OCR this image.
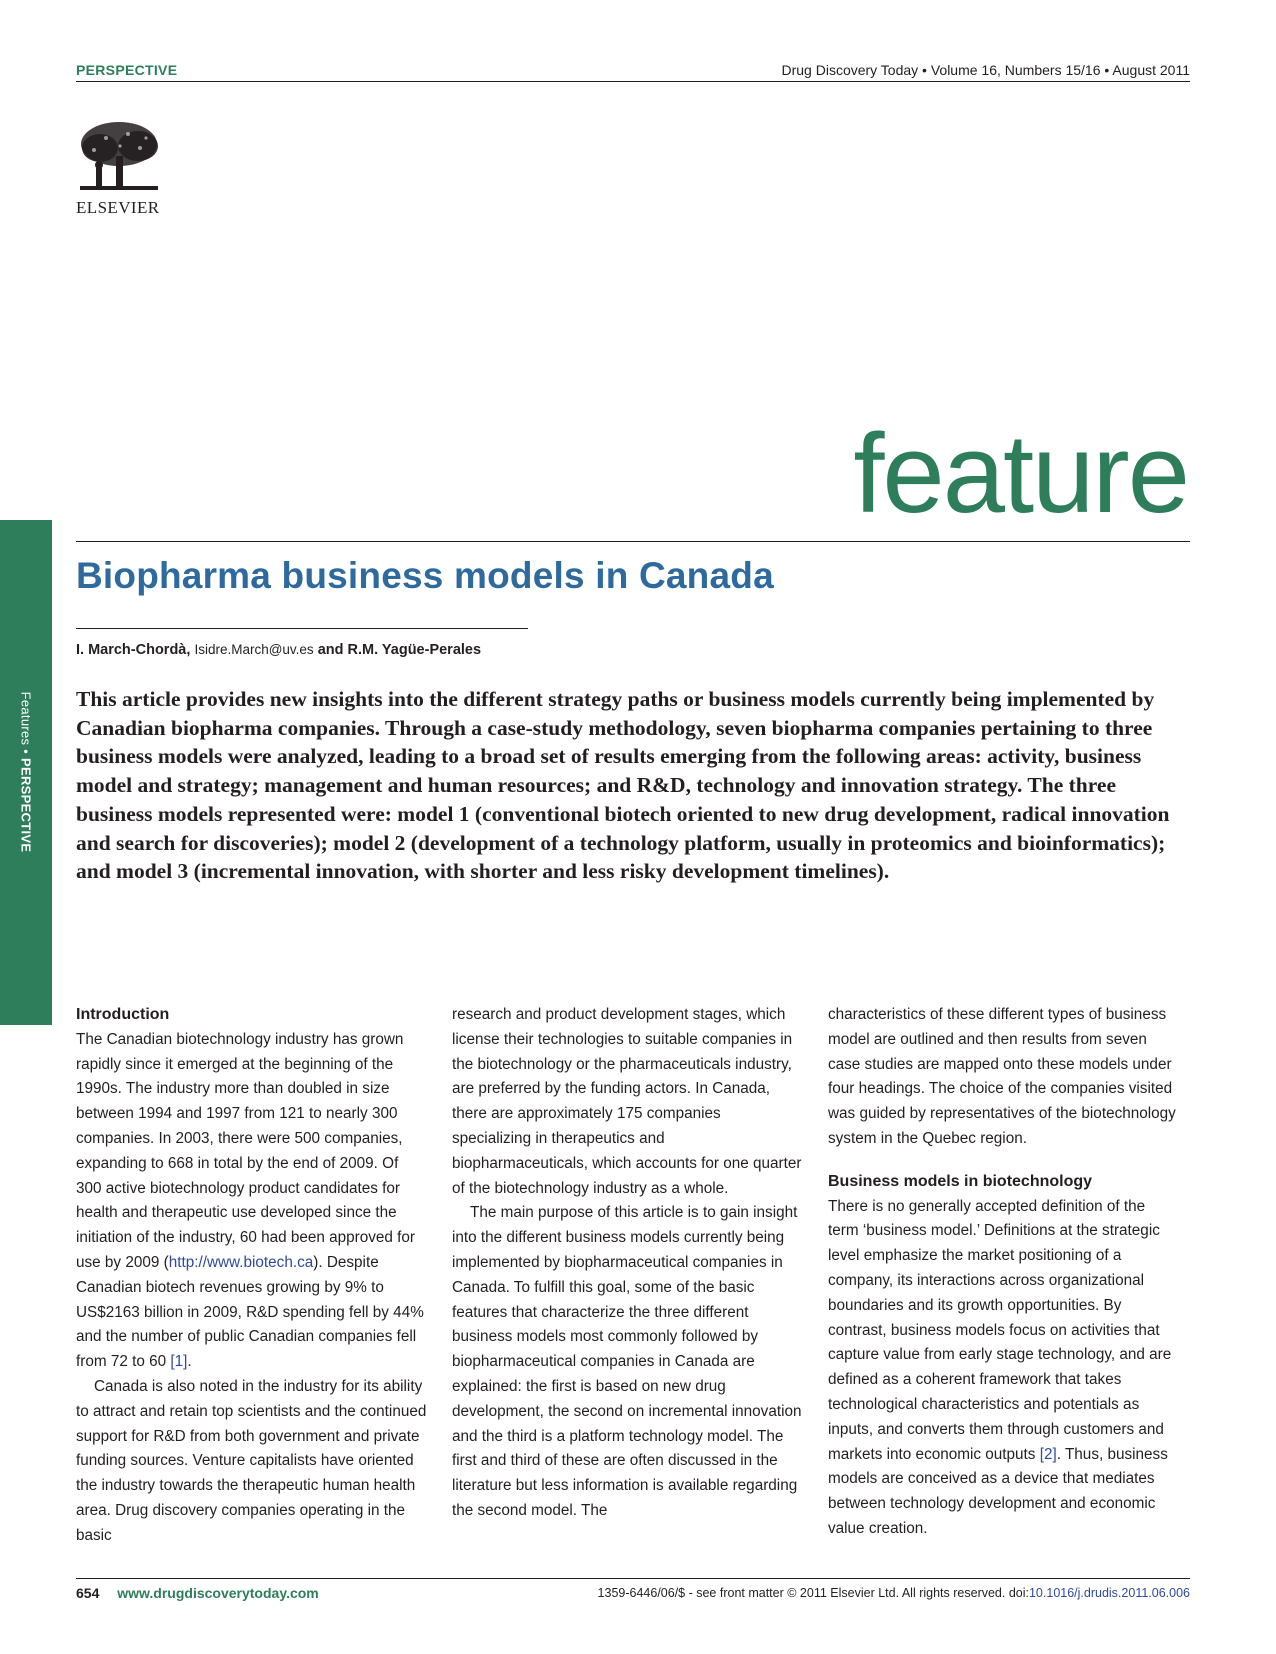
PERSPECTIVE	Drug Discovery Today • Volume 16, Numbers 15/16 • August 2011
ELSEVIER
feature
Biopharma business models in Canada
I. March-Chordà, Isidre.March@uv.es and R.M. Yagüe-Perales
This article provides new insights into the different strategy paths or business models currently being implemented by Canadian biopharma companies. Through a case-study methodology, seven biopharma companies pertaining to three business models were analyzed, leading to a broad set of results emerging from the following areas: activity, business model and strategy; management and human resources; and R&D, technology and innovation strategy. The three business models represented were: model 1 (conventional biotech oriented to new drug development, radical innovation and search for discoveries); model 2 (development of a technology platform, usually in proteomics and bioinformatics); and model 3 (incremental innovation, with shorter and less risky development timelines).
Features • PERSPECTIVE
Introduction

The Canadian biotechnology industry has grown rapidly since it emerged at the beginning of the 1990s. The industry more than doubled in size between 1994 and 1997 from 121 to nearly 300 companies. In 2003, there were 500 companies, expanding to 668 in total by the end of 2009. Of 300 active biotechnology product candidates for health and therapeutic use developed since the initiation of the industry, 60 had been approved for use by 2009 (http://www.biotech.ca). Despite Canadian biotech revenues growing by 9% to US$2163 billion in 2009, R&D spending fell by 44% and the number of public Canadian companies fell from 72 to 60 [1].

Canada is also noted in the industry for its ability to attract and retain top scientists and the continued support for R&D from both government and private funding sources. Venture capitalists have oriented the industry towards the therapeutic human health area. Drug discovery companies operating in the basic

research and product development stages, which license their technologies to suitable companies in the biotechnology or the pharmaceuticals industry, are preferred by the funding actors. In Canada, there are approximately 175 companies specializing in therapeutics and biopharmaceuticals, which accounts for one quarter of the biotechnology industry as a whole.

The main purpose of this article is to gain insight into the different business models currently being implemented by biopharmaceutical companies in Canada. To fulfill this goal, some of the basic features that characterize the three different business models most commonly followed by biopharmaceutical companies in Canada are explained: the first is based on new drug development, the second on incremental innovation and the third is a platform technology model. The first and third of these are often discussed in the literature but less information is available regarding the second model. The

characteristics of these different types of business model are outlined and then results from seven case studies are mapped onto these models under four headings. The choice of the companies visited was guided by representatives of the biotechnology system in the Quebec region.

Business models in biotechnology

There is no generally accepted definition of the term ‘business model.’ Definitions at the strategic level emphasize the market positioning of a company, its interactions across organizational boundaries and its growth opportunities. By contrast, business models focus on activities that capture value from early stage technology, and are defined as a coherent framework that takes technological characteristics and potentials as inputs, and converts them through customers and markets into economic outputs [2]. Thus, business models are conceived as a device that mediates between technology development and economic value creation.

654 www.drugdiscoverytoday.com	1359-6446/06/$ - see front matter © 2011 Elsevier Ltd. All rights reserved. doi:10.1016/j.drudis.2011.06.006
